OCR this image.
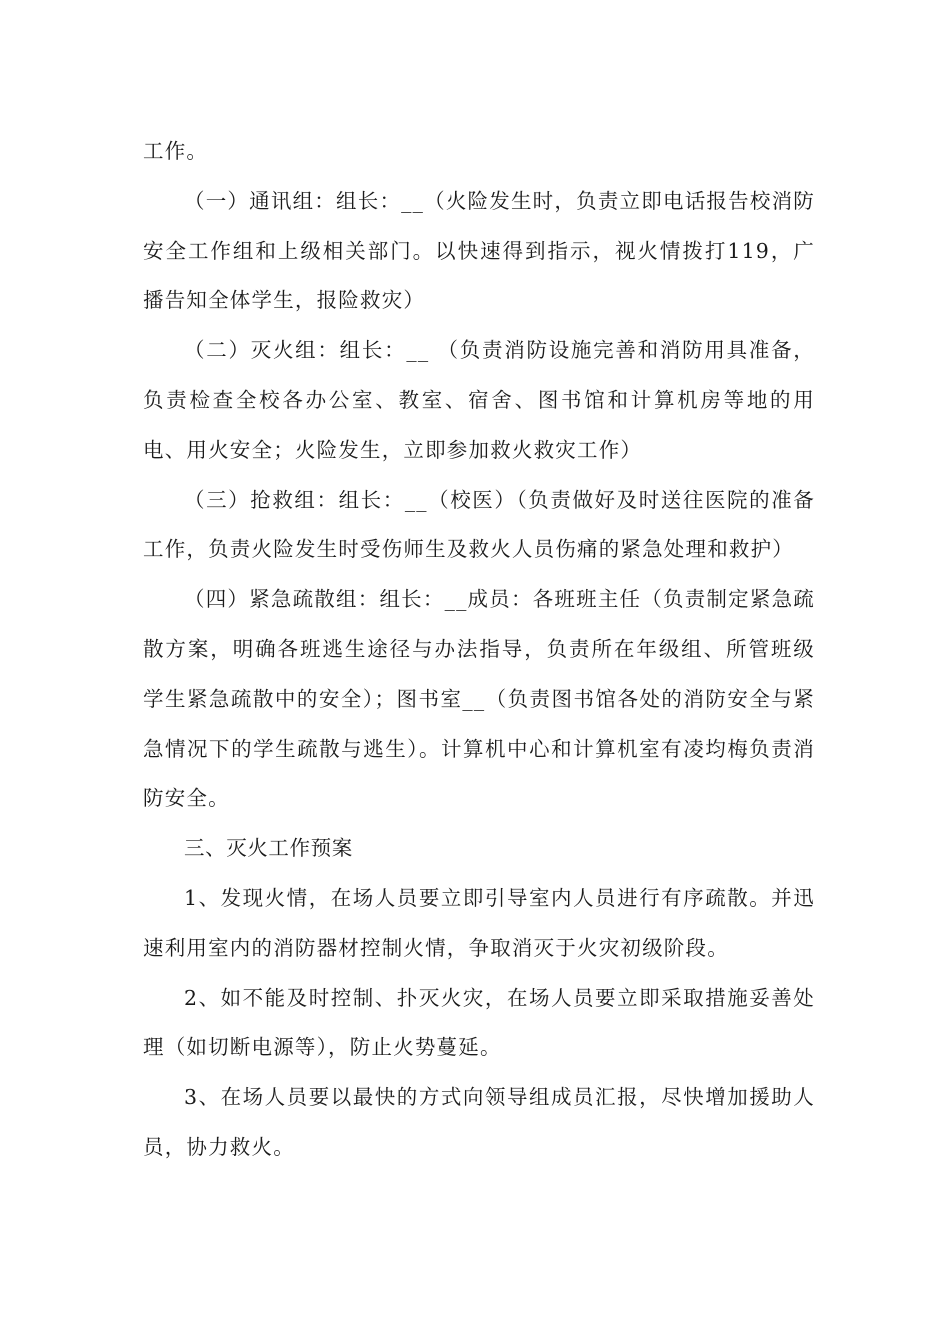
工作。

（一）通讯组：组长：__（火险发生时，负责立即电话报告校消防安全工作组和上级相关部门。以快速得到指示，视火情拨打119，广播告知全体学生，报险救灾）

（二）灭火组：组长：__ （负责消防设施完善和消防用具准备，负责检查全校各办公室、教室、宿舍、图书馆和计算机房等地的用电、用火安全；火险发生，立即参加救火救灾工作）

（三）抢救组：组长：__（校医）（负责做好及时送往医院的准备工作，负责火险发生时受伤师生及救火人员伤痛的紧急处理和救护）

（四）紧急疏散组：组长：__成员：各班班主任（负责制定紧急疏散方案，明确各班逃生途径与办法指导，负责所在年级组、所管班级学生紧急疏散中的安全）；图书室__（负责图书馆各处的消防安全与紧急情况下的学生疏散与逃生）。计算机中心和计算机室有凌均梅负责消防安全。

三、灭火工作预案

1、发现火情，在场人员要立即引导室内人员进行有序疏散。并迅速利用室内的消防器材控制火情，争取消灭于火灾初级阶段。

2、如不能及时控制、扑灭火灾，在场人员要立即采取措施妥善处理（如切断电源等），防止火势蔓延。

3、在场人员要以最快的方式向领导组成员汇报，尽快增加援助人员，协力救火。
